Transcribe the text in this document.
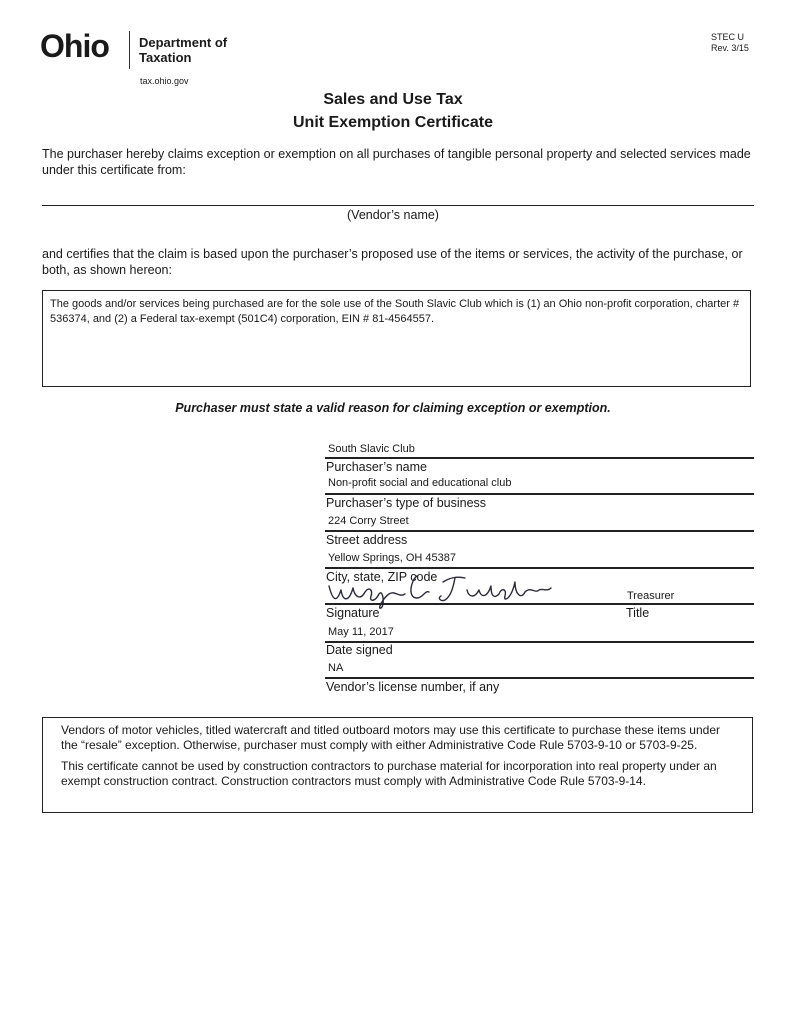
Ohio Department of
Taxation
tax.ohio.gov
STEC U
Rev. 3/15
Sales and Use Tax
Unit Exemption Certificate
The purchaser hereby claims exception or exemption on all purchases of tangible personal property and selected services made under this certificate from:
(Vendor’s name)
and certifies that the claim is based upon the purchaser’s proposed use of the items or services, the activity of the purchase, or both, as shown hereon:
The goods and/or services being purchased are for the sole use of the South Slavic Club which is (1) an Ohio non-profit corporation, charter # 536374, and (2) a Federal tax-exempt (501C4) corporation, EIN # 81-4564557.
Purchaser must state a valid reason for claiming exception or exemption.
South Slavic Club
Purchaser’s name
Non-profit social and educational club
Purchaser’s type of business
224 Corry Street
Street address
Yellow Springs, OH 45387
City, state, ZIP code
Treasurer
Signature	Title
May 11, 2017
Date signed
NA
Vendor’s license number, if any

Vendors of motor vehicles, titled watercraft and titled outboard motors may use this certificate to purchase these items under the “resale” exception. Otherwise, purchaser must comply with either Administrative Code Rule 5703-9-10 or 5703-9-25.

This certificate cannot be used by construction contractors to purchase material for incorporation into real property under an exempt construction contract. Construction contractors must comply with Administrative Code Rule 5703-9-14.
